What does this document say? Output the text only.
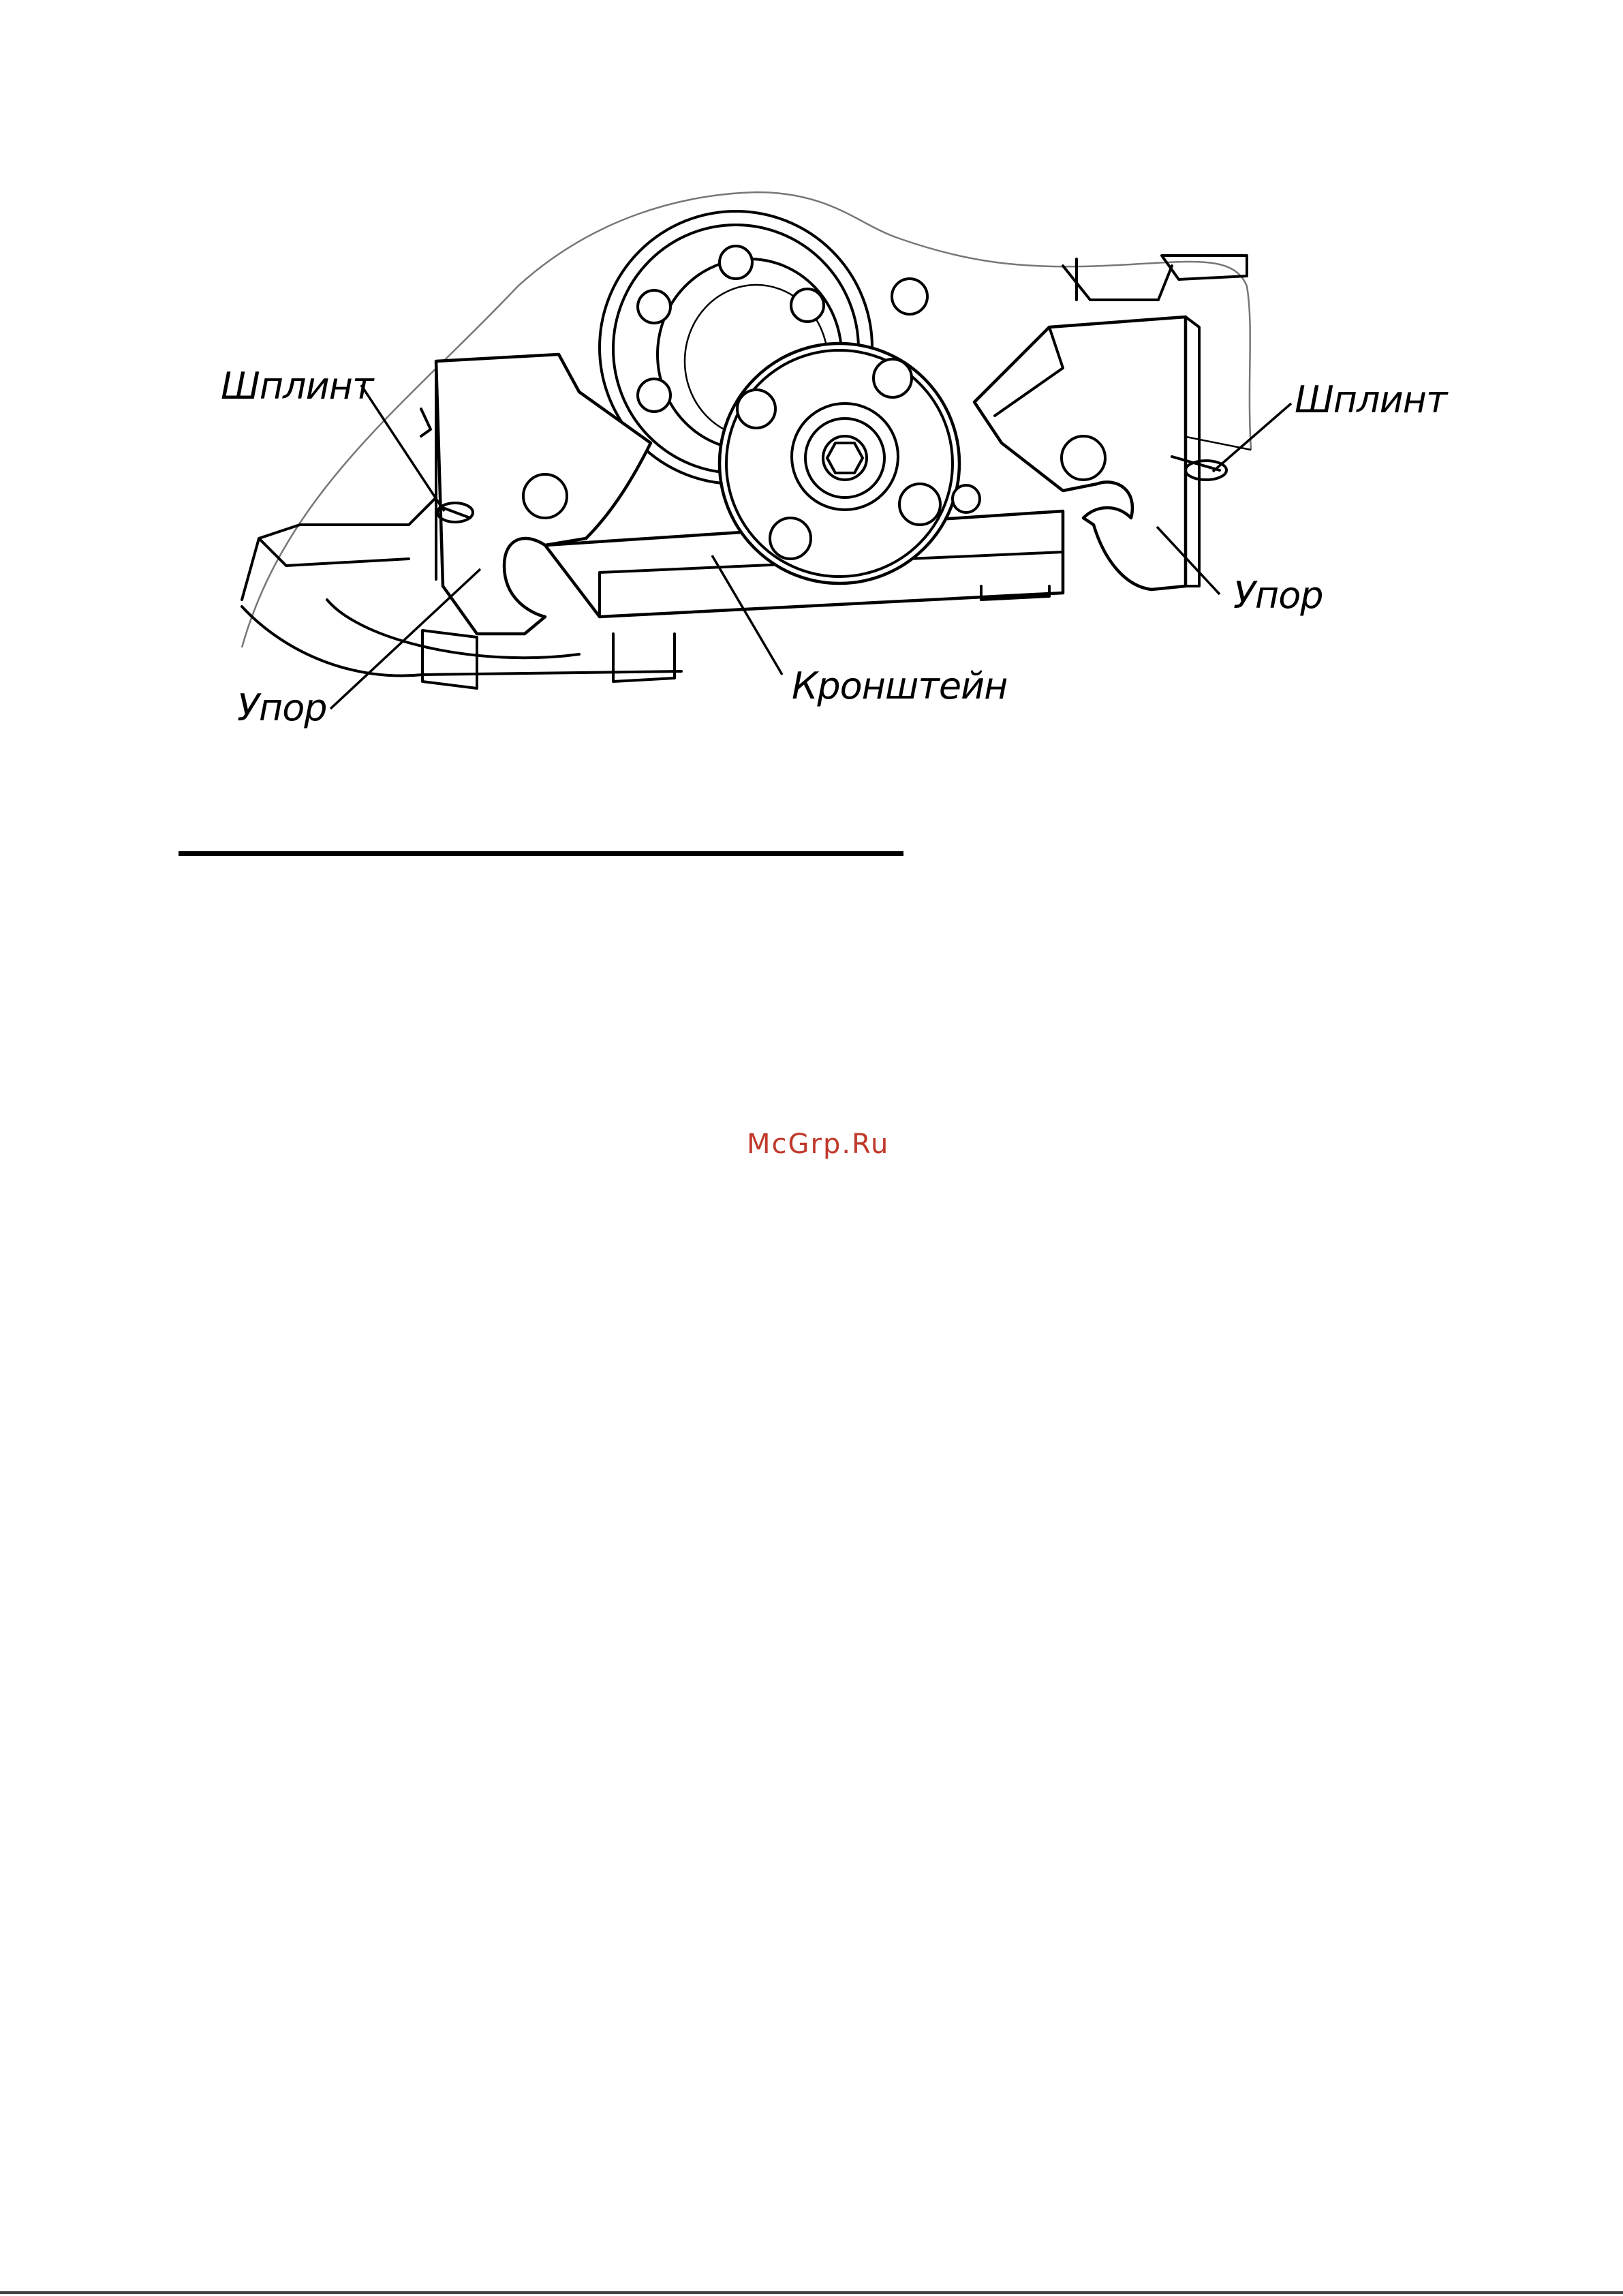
Шплинт	Шплинт
Упор
Упор
Кронштейн
McGrp.Ru
